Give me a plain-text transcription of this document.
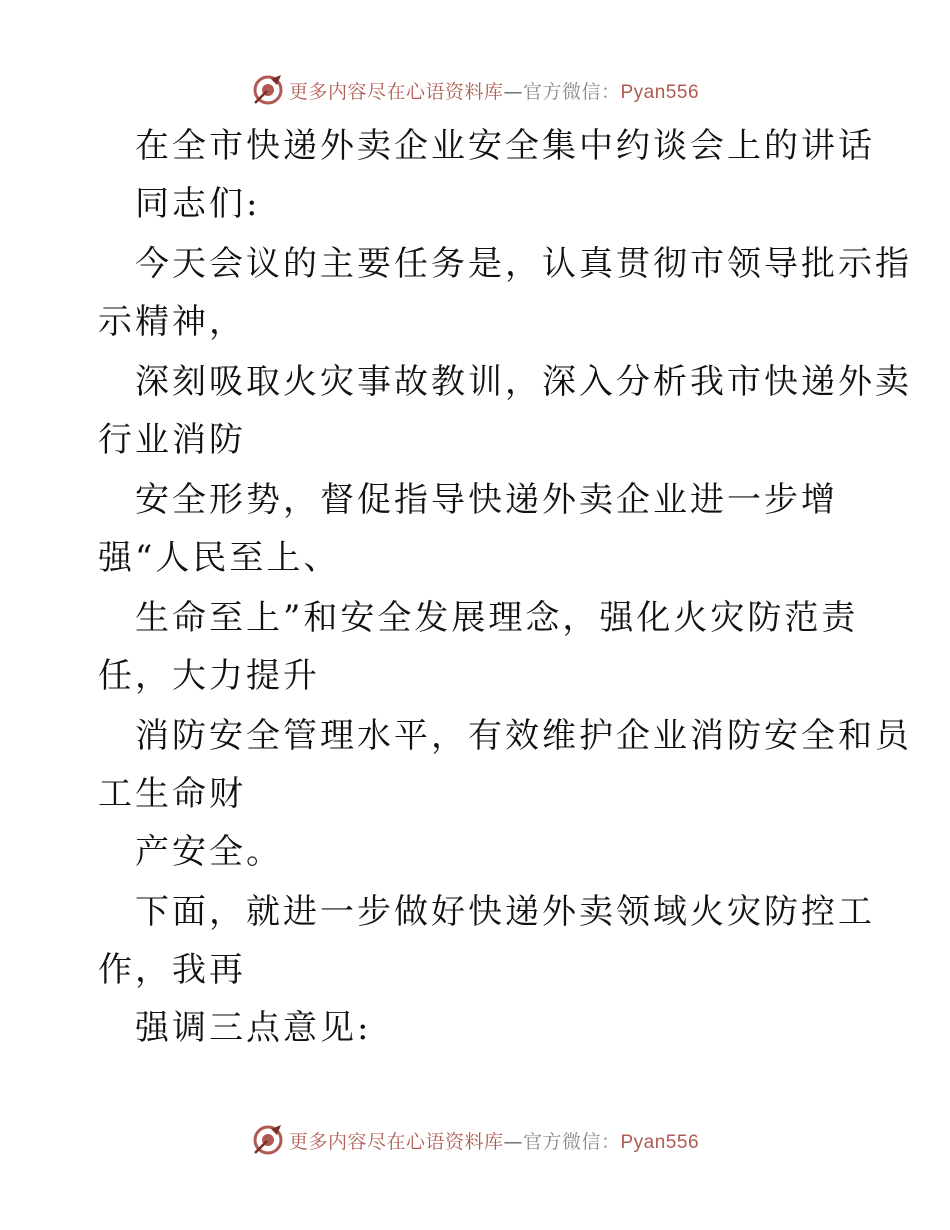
更多内容尽在心语资料库—官方微信：Pyan556
在全市快递外卖企业安全集中约谈会上的讲话
同志们:
今天会议的主要任务是，认真贯彻市领导批示指
示精神，
深刻吸取火灾事故教训，深入分析我市快递外卖
行业消防
安全形势，督促指导快递外卖企业进一步增
强“人民至上、
生命至上”和安全发展理念，强化火灾防范责
任，大力提升
消防安全管理水平，有效维护企业消防安全和员
工生命财
产安全。
下面，就进一步做好快递外卖领域火灾防控工
作，我再
强调三点意见:
更多内容尽在心语资料库—官方微信：Pyan556
